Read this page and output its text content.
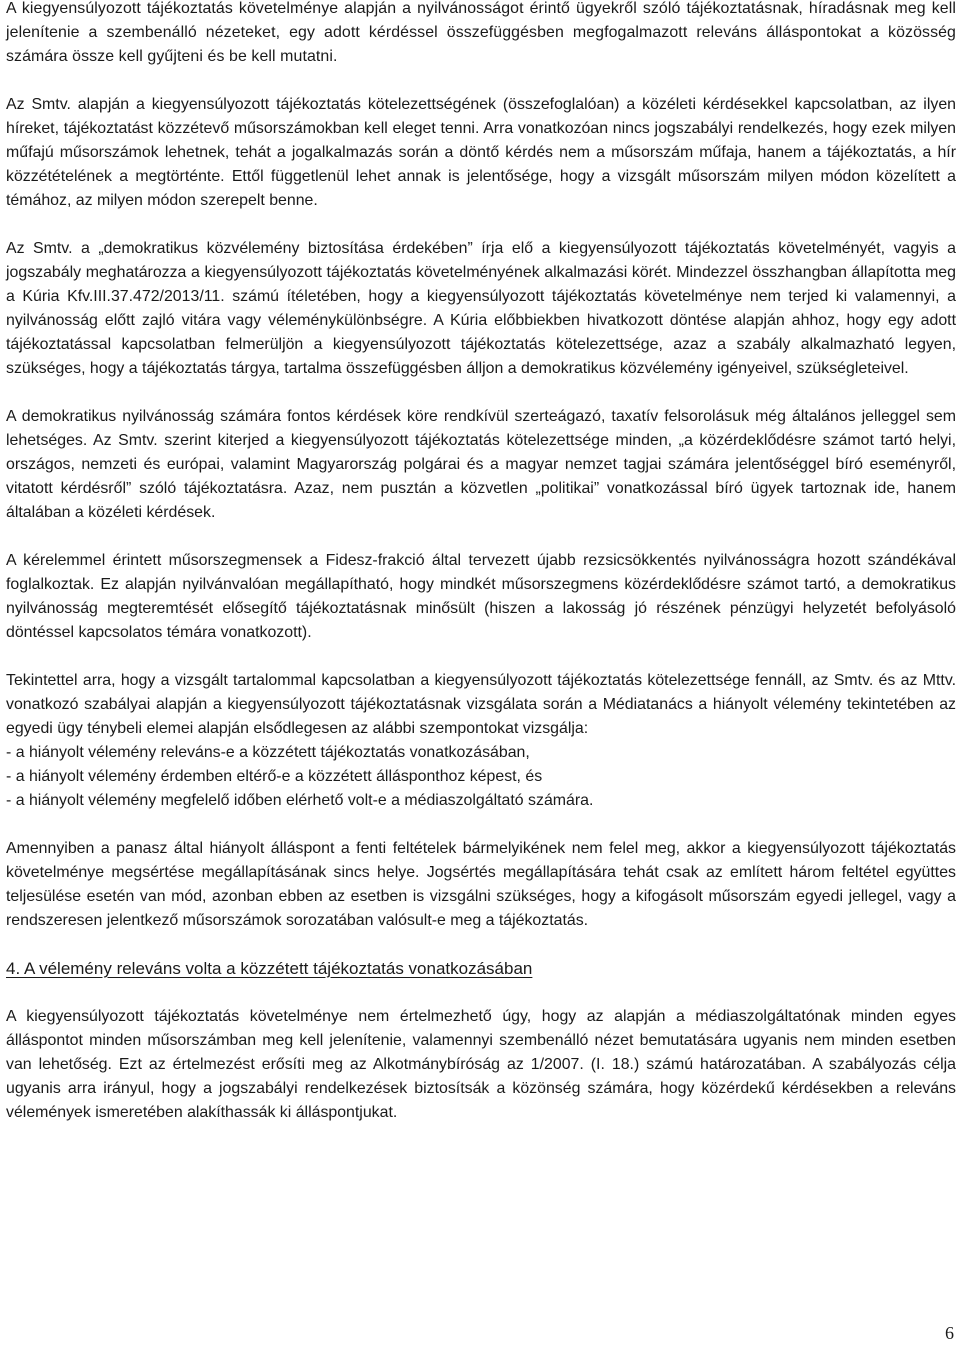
A kiegyensúlyozott tájékoztatás követelménye alapján a nyilvánosságot érintő ügyekről szóló tájékoztatásnak, híradásnak meg kell jelenítenie a szembenálló nézeteket, egy adott kérdéssel összefüggésben megfogalmazott releváns álláspontokat a közösség számára össze kell gyűjteni és be kell mutatni.

Az Smtv. alapján a kiegyensúlyozott tájékoztatás kötelezettségének (összefoglalóan) a közéleti kérdésekkel kapcsolatban, az ilyen híreket, tájékoztatást közzétevő műsorszámokban kell eleget tenni. Arra vonatkozóan nincs jogszabályi rendelkezés, hogy ezek milyen műfajú műsorszámok lehetnek, tehát a jogalkalmazás során a döntő kérdés nem a műsorszám műfaja, hanem a tájékoztatás, a hír közzétételének a megtörténte. Ettől függetlenül lehet annak is jelentősége, hogy a vizsgált műsorszám milyen módon közelített a témához, az milyen módon szerepelt benne.

Az Smtv. a „demokratikus közvélemény biztosítása érdekében” írja elő a kiegyensúlyozott tájékoztatás követelményét, vagyis a jogszabály meghatározza a kiegyensúlyozott tájékoztatás követelményének alkalmazási körét. Mindezzel összhangban állapította meg a Kúria Kfv.III.37.472/2013/11. számú ítéletében, hogy a kiegyensúlyozott tájékoztatás követelménye nem terjed ki valamennyi, a nyilvánosság előtt zajló vitára vagy véleménykülönbségre. A Kúria előbbiekben hivatkozott döntése alapján ahhoz, hogy egy adott tájékoztatással kapcsolatban felmerüljön a kiegyensúlyozott tájékoztatás kötelezettsége, azaz a szabály alkalmazható legyen, szükséges, hogy a tájékoztatás tárgya, tartalma összefüggésben álljon a demokratikus közvélemény igényeivel, szükségleteivel.

A demokratikus nyilvánosság számára fontos kérdések köre rendkívül szerteágazó, taxatív felsorolásuk még általános jelleggel sem lehetséges. Az Smtv. szerint kiterjed a kiegyensúlyozott tájékoztatás kötelezettsége minden, „a közérdeklődésre számot tartó helyi, országos, nemzeti és európai, valamint Magyarország polgárai és a magyar nemzet tagjai számára jelentőséggel bíró eseményről, vitatott kérdésről” szóló tájékoztatásra. Azaz, nem pusztán a közvetlen „politikai” vonatkozással bíró ügyek tartoznak ide, hanem általában a közéleti kérdések.

A kérelemmel érintett műsorszegmensek a Fidesz-frakció által tervezett újabb rezsicsökkentés nyilvánosságra hozott szándékával foglalkoztak. Ez alapján nyilvánvalóan megállapítható, hogy mindkét műsorszegmens közérdeklődésre számot tartó, a demokratikus nyilvánosság megteremtését elősegítő tájékoztatásnak minősült (hiszen a lakosság jó részének pénzügyi helyzetét befolyásoló döntéssel kapcsolatos témára vonatkozott).

Tekintettel arra, hogy a vizsgált tartalommal kapcsolatban a kiegyensúlyozott tájékoztatás kötelezettsége fennáll, az Smtv. és az Mttv. vonatkozó szabályai alapján a kiegyensúlyozott tájékoztatásnak vizsgálata során a Médiatanács a hiányolt vélemény tekintetében az egyedi ügy ténybeli elemei alapján elsődlegesen az alábbi szempontokat vizsgálja:

- a hiányolt vélemény releváns-e a közzétett tájékoztatás vonatkozásában,

- a hiányolt vélemény érdemben eltérő-e a közzétett állásponthoz képest, és

- a hiányolt vélemény megfelelő időben elérhető volt-e a médiaszolgáltató számára.

Amennyiben a panasz által hiányolt álláspont a fenti feltételek bármelyikének nem felel meg, akkor a kiegyensúlyozott tájékoztatás követelménye megsértése megállapításának sincs helye. Jogsértés megállapítására tehát csak az említett három feltétel együttes teljesülése esetén van mód, azonban ebben az esetben is vizsgálni szükséges, hogy a kifogásolt műsorszám egyedi jellegel, vagy a rendszeresen jelentkező műsorszámok sorozatában valósult-e meg a tájékoztatás.

4. A vélemény releváns volta a közzétett tájékoztatás vonatkozásában

A kiegyensúlyozott tájékoztatás követelménye nem értelmezhető úgy, hogy az alapján a médiaszolgáltatónak minden egyes álláspontot minden műsorszámban meg kell jelenítenie, valamennyi szembenálló nézet bemutatására ugyanis nem minden esetben van lehetőség. Ezt az értelmezést erősíti meg az Alkotmánybíróság az 1/2007. (I. 18.) számú határozatában. A szabályozás célja ugyanis arra irányul, hogy a jogszabályi rendelkezések biztosítsák a közönség számára, hogy közérdekű kérdésekben a releváns vélemények ismeretében alakíthassák ki álláspontjukat.

6
